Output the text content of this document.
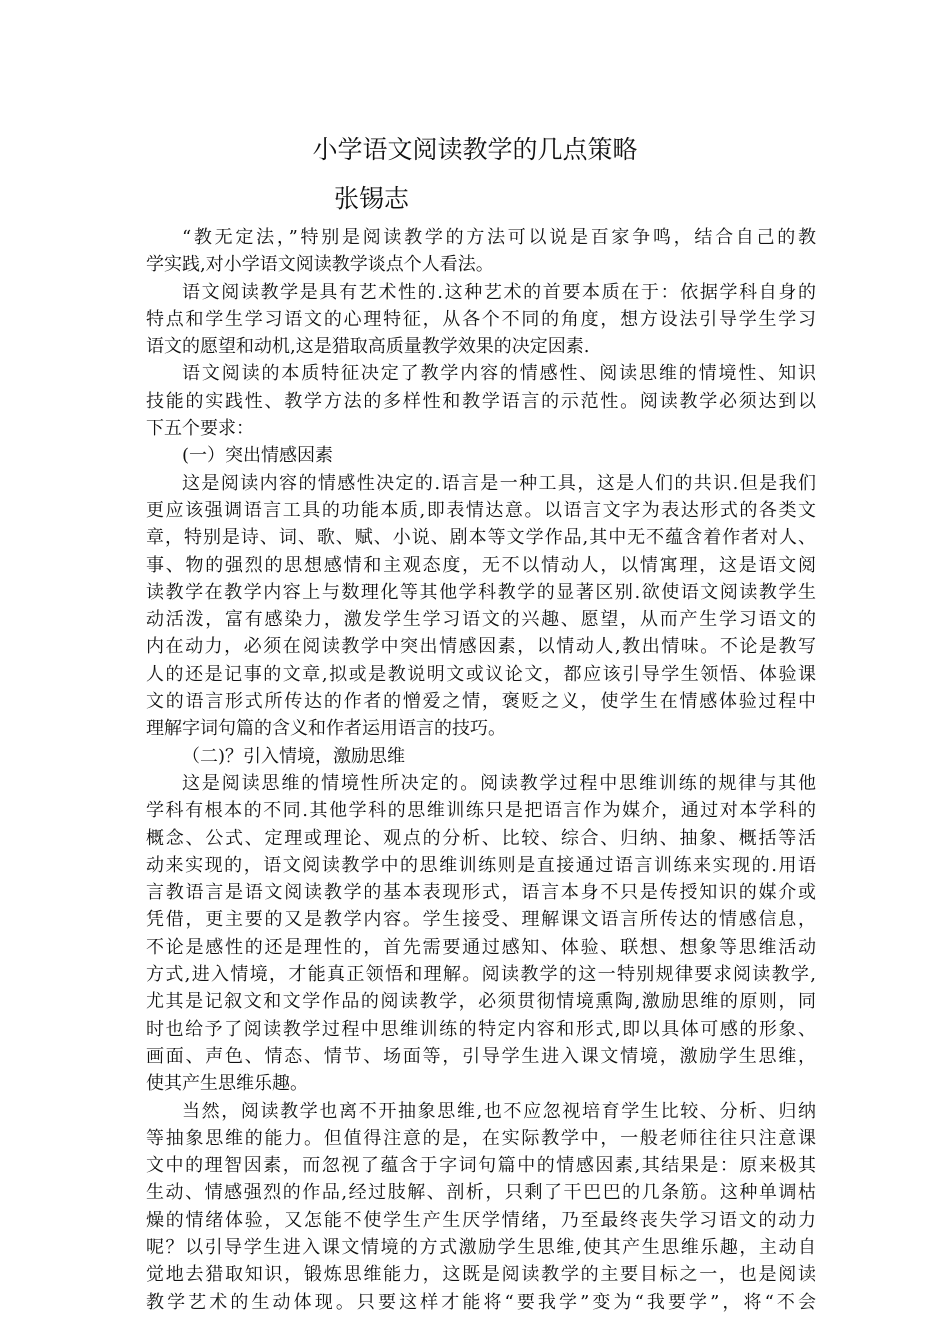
小学语文阅读教学的几点策略
张锡志
“教无定法，”特别是阅读教学的方法可以说是百家争鸣，结合自己的教
学实践,对小学语文阅读教学谈点个人看法。
语文阅读教学是具有艺术性的.这种艺术的首要本质在于：依据学科自身的
特点和学生学习语文的心理特征，从各个不同的角度，想方设法引导学生学习
语文的愿望和动机,这是猎取高质量教学效果的决定因素.
语文阅读的本质特征决定了教学内容的情感性、阅读思维的情境性、知识
技能的实践性、教学方法的多样性和教学语言的示范性。阅读教学必须达到以
下五个要求：
(一）突出情感因素
这是阅读内容的情感性决定的.语言是一种工具，这是人们的共识.但是我们
更应该强调语言工具的功能本质,即表情达意。以语言文字为表达形式的各类文
章，特别是诗、词、歌、赋、小说、剧本等文学作品,其中无不蕴含着作者对人、
事、物的强烈的思想感情和主观态度，无不以情动人，以情寓理，这是语文阅
读教学在教学内容上与数理化等其他学科教学的显著区别.欲使语文阅读教学生
动活泼，富有感染力，激发学生学习语文的兴趣、愿望，从而产生学习语文的
内在动力，必须在阅读教学中突出情感因素，以情动人,教出情味。不论是教写
人的还是记事的文章,拟或是教说明文或议论文，都应该引导学生领悟、体验课
文的语言形式所传达的作者的憎爱之情，褒贬之义，使学生在情感体验过程中
理解字词句篇的含义和作者运用语言的技巧。
（二)？引入情境，激励思维
这是阅读思维的情境性所决定的。阅读教学过程中思维训练的规律与其他
学科有根本的不同.其他学科的思维训练只是把语言作为媒介，通过对本学科的
概念、公式、定理或理论、观点的分析、比较、综合、归纳、抽象、概括等活
动来实现的，语文阅读教学中的思维训练则是直接通过语言训练来实现的.用语
言教语言是语文阅读教学的基本表现形式，语言本身不只是传授知识的媒介或
凭借，更主要的又是教学内容。学生接受、理解课文语言所传达的情感信息，
不论是感性的还是理性的，首先需要通过感知、体验、联想、想象等思维活动
方式,进入情境，才能真正领悟和理解。阅读教学的这一特别规律要求阅读教学,
尤其是记叙文和文学作品的阅读教学，必须贯彻情境熏陶,激励思维的原则，同
时也给予了阅读教学过程中思维训练的特定内容和形式,即以具体可感的形象、
画面、声色、情态、情节、场面等，引导学生进入课文情境，激励学生思维，
使其产生思维乐趣。
当然，阅读教学也离不开抽象思维,也不应忽视培育学生比较、分析、归纳
等抽象思维的能力。但值得注意的是，在实际教学中，一般老师往往只注意课
文中的理智因素，而忽视了蕴含于字词句篇中的情感因素,其结果是：原来极其
生动、情感强烈的作品,经过肢解、剖析，只剩了干巴巴的几条筋。这种单调枯
燥的情绪体验，又怎能不使学生产生厌学情绪，乃至最终丧失学习语文的动力
呢？以引导学生进入课文情境的方式激励学生思维,使其产生思维乐趣，主动自
觉地去猎取知识，锻炼思维能力，这既是阅读教学的主要目标之一，也是阅读
教学艺术的生动体现。只要这样才能将“要我学”变为“我要学”，将“不会
